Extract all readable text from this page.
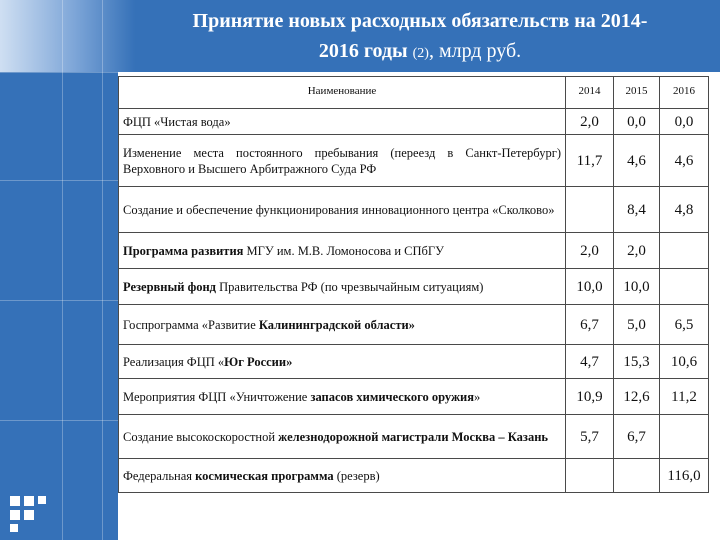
Принятие новых расходных обязательств на 2014-
2016 годы (2), млрд руб.
Наименование	2014	2015	2016
ФЦП «Чистая вода»	2,0	0,0	0,0
Изменение места постоянного пребывания (переезд в Санкт-Петербург) Верховного и Высшего Арбитражного Суда РФ	11,7	4,6	4,6
Создание и обеспечение функционирования инновационного центра «Сколково»		8,4	4,8
Программа развития МГУ им. М.В. Ломоносова и СПбГУ	2,0	2,0	
Резервный фонд Правительства РФ (по чрезвычайным ситуациям)	10,0	10,0	
Госпрограмма «Развитие Калининградской области»	6,7	5,0	6,5
Реализация ФЦП «Юг России»	4,7	15,3	10,6
Мероприятия ФЦП «Уничтожение запасов химического оружия»	10,9	12,6	11,2
Создание высокоскоростной железнодорожной магистрали Москва – Казань	5,7	6,7	
Федеральная космическая программа (резерв)			116,0
